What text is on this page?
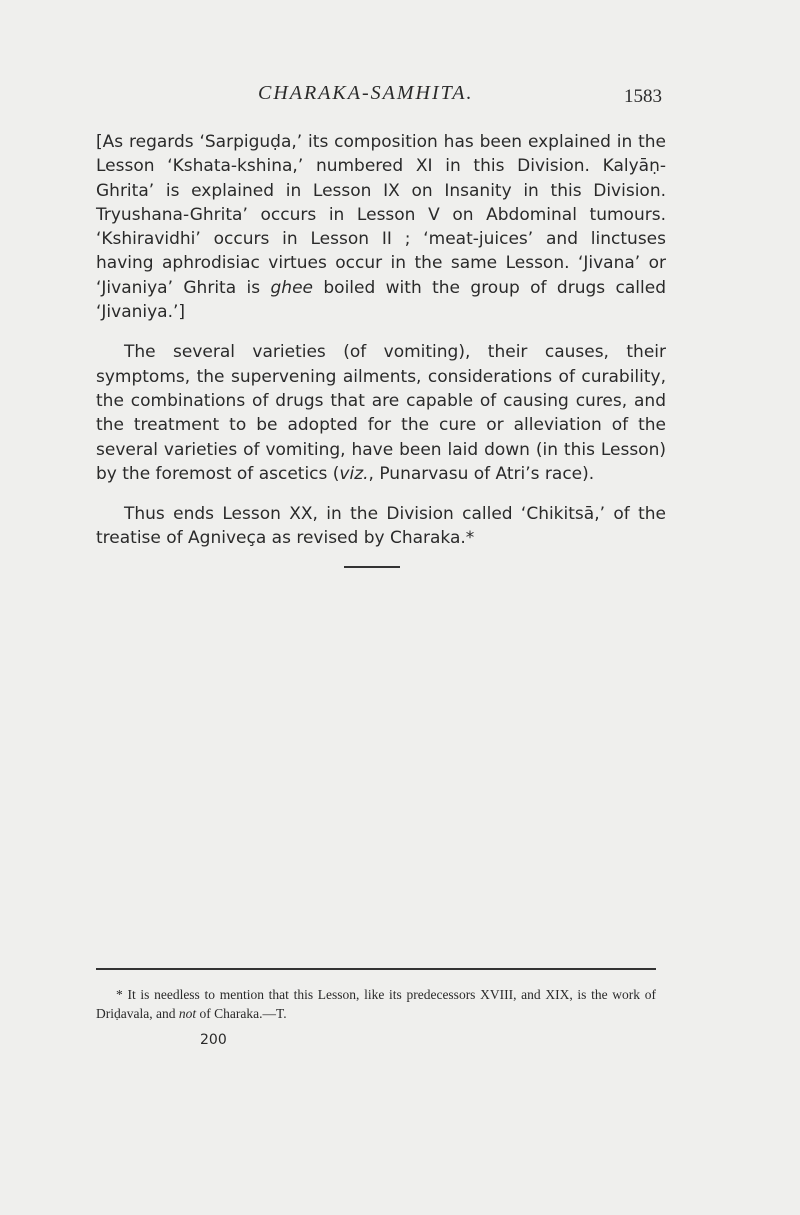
CHARAKA-SAMHITA.	1583

[As regards ‘Sarpiguḍa,’ its composition has been explained in the Lesson ‘Kshata-kshina,’ numbered XI in this Division. Kalyāṇ-Ghrita’ is explained in Lesson IX on Insanity in this Division. Tryushana-Ghrita’ occurs in Lesson V on Abdominal tumours. ‘Kshiravidhi’ occurs in Lesson II ; ‘meat-juices’ and linctuses having aphrodisiac virtues occur in the same Lesson. ‘Jivana’ or ‘Jivaniya’ Ghrita is ghee boiled with the group of drugs called ‘Jivaniya.’]

The several varieties (of vomiting), their causes, their symptoms, the supervening ailments, considerations of curability, the combinations of drugs that are capable of causing cures, and the treatment to be adopted for the cure or alleviation of the several varieties of vomiting, have been laid down (in this Lesson) by the foremost of ascetics (viz., Punarvasu of Atri’s race).

Thus ends Lesson XX, in the Division called ‘Chikitsā,’ of the treatise of Agniveça as revised by Charaka.*

* It is needless to mention that this Lesson, like its predecessors XVIII, and XIX, is the work of Driḍavala, and not of Charaka.—T.

200
